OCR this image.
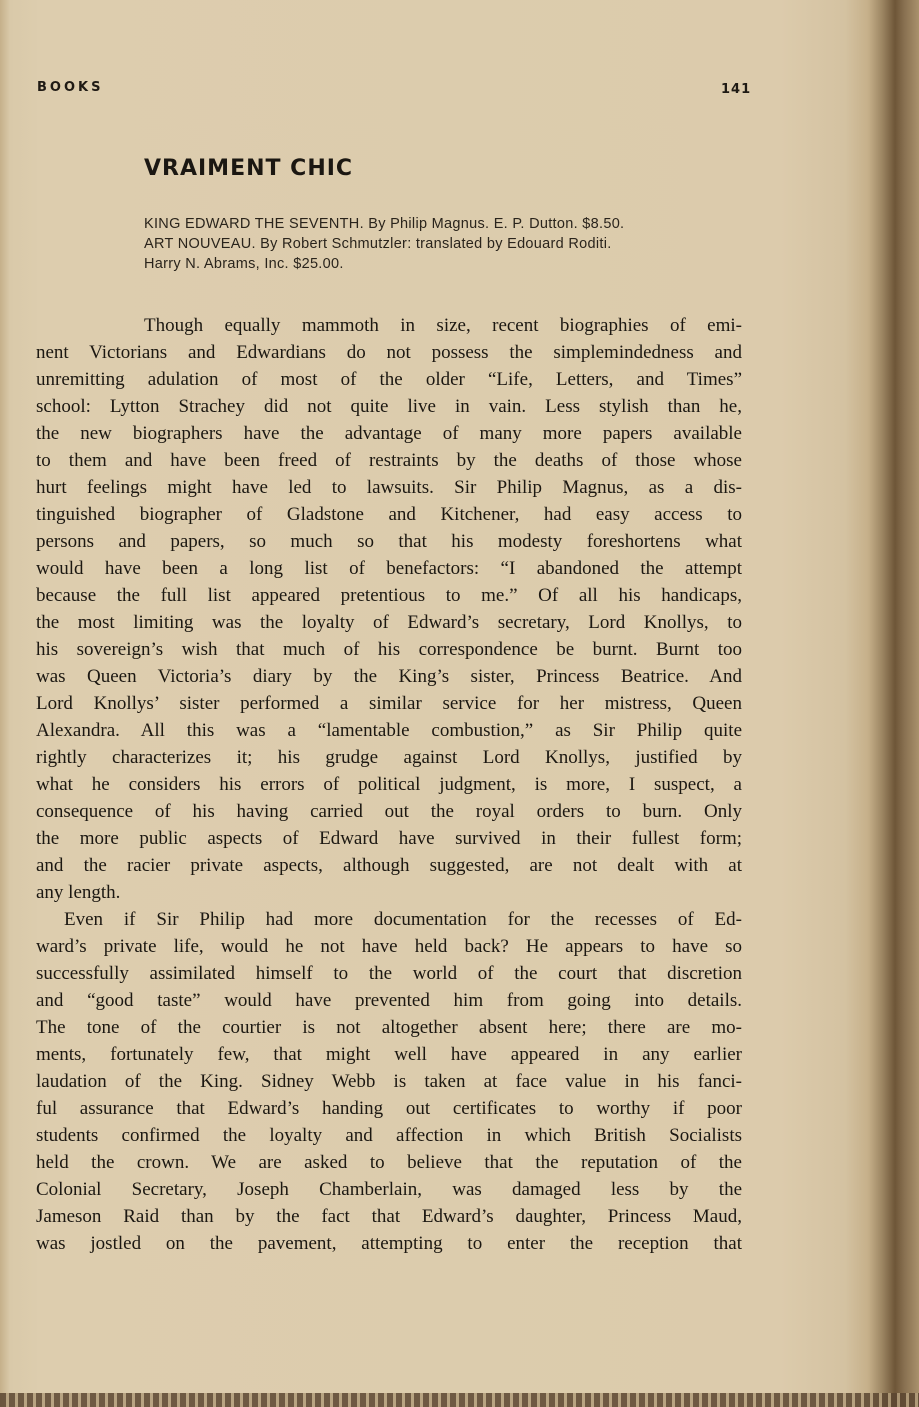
BOOKS	141
VRAIMENT CHIC
KING EDWARD THE SEVENTH. By Philip Magnus. E. P. Dutton. $8.50.
ART NOUVEAU. By Robert Schmutzler: translated by Edouard Roditi.
Harry N. Abrams, Inc. $25.00.
Though equally mammoth in size, recent biographies of emi-
nent Victorians and Edwardians do not possess the simplemindedness and
unremitting adulation of most of the older “Life, Letters, and Times”
school: Lytton Strachey did not quite live in vain. Less stylish than he,
the new biographers have the advantage of many more papers available
to them and have been freed of restraints by the deaths of those whose
hurt feelings might have led to lawsuits. Sir Philip Magnus, as a dis-
tinguished biographer of Gladstone and Kitchener, had easy access to
persons and papers, so much so that his modesty foreshortens what
would have been a long list of benefactors: “I abandoned the attempt
because the full list appeared pretentious to me.” Of all his handicaps,
the most limiting was the loyalty of Edward’s secretary, Lord Knollys, to
his sovereign’s wish that much of his correspondence be burnt. Burnt too
was Queen Victoria’s diary by the King’s sister, Princess Beatrice. And
Lord Knollys’ sister performed a similar service for her mistress, Queen
Alexandra. All this was a “lamentable combustion,” as Sir Philip quite
rightly characterizes it; his grudge against Lord Knollys, justified by
what he considers his errors of political judgment, is more, I suspect, a
consequence of his having carried out the royal orders to burn. Only
the more public aspects of Edward have survived in their fullest form;
and the racier private aspects, although suggested, are not dealt with at
any length.
Even if Sir Philip had more documentation for the recesses of Ed-
ward’s private life, would he not have held back? He appears to have so
successfully assimilated himself to the world of the court that discretion
and “good taste” would have prevented him from going into details.
The tone of the courtier is not altogether absent here; there are mo-
ments, fortunately few, that might well have appeared in any earlier
laudation of the King. Sidney Webb is taken at face value in his fanci-
ful assurance that Edward’s handing out certificates to worthy if poor
students confirmed the loyalty and affection in which British Socialists
held the crown. We are asked to believe that the reputation of the
Colonial Secretary, Joseph Chamberlain, was damaged less by the
Jameson Raid than by the fact that Edward’s daughter, Princess Maud,
was jostled on the pavement, attempting to enter the reception that
